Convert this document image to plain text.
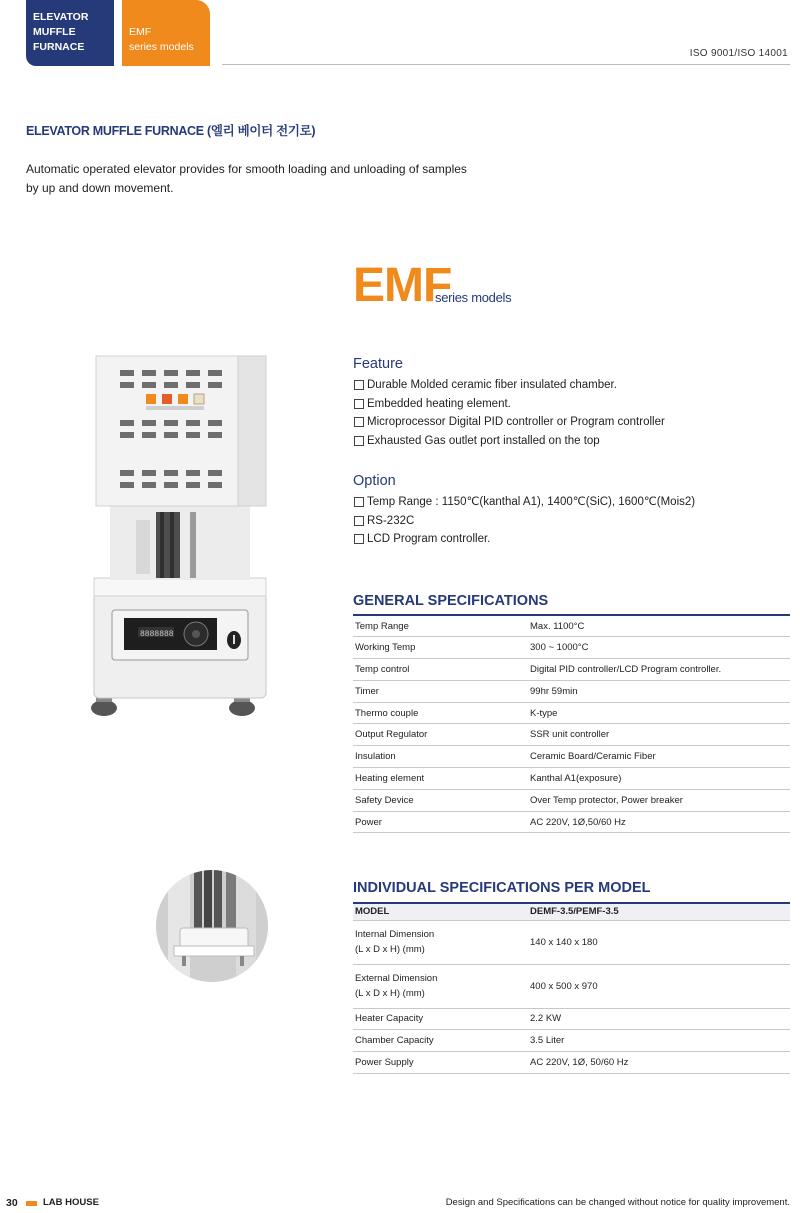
ELEVATOR
MUFFLE
FURNACE
EMF
series models
ISO 9001/ISO 14001
ELEVATOR MUFFLE FURNACE (엘리 베이터 전기로)
Automatic operated elevator provides for smooth loading and unloading of samples
by up and down movement.
EMF
series models
8888888
Feature
Durable Molded ceramic fiber insulated chamber.
Embedded heating element.
Microprocessor Digital PID controller or Program controller
Exhausted Gas outlet port installed on the top
Option
Temp Range : 1150℃(kanthal A1), 1400℃(SiC), 1600℃(Mois2)
RS-232C
LCD Program controller.
GENERAL SPECIFICATIONS
Temp Range	Max. 1100°C
Working Temp	300 ~ 1000°C
Temp control	Digital PID controller/LCD Program controller.
Timer	99hr 59min
Thermo couple	K-type
Output Regulator	SSR unit controller
Insulation	Ceramic Board/Ceramic Fiber
Heating element	Kanthal A1(exposure)
Safety Device	Over Temp protector, Power breaker
Power	AC 220V, 1Ø,50/60 Hz
INDIVIDUAL SPECIFICATIONS PER MODEL
MODEL	DEMF-3.5/PEMF-3.5

Internal Dimension
(L x D x H) (mm)	140 x 140 x 180

External Dimension
(L x D x H) (mm)	400 x 500 x 970
Heater Capacity	2.2 KW
Chamber Capacity	3.5 Liter
Power Supply	AC 220V, 1Ø, 50/60 Hz
30	LAB HOUSE	Design and Specifications can be changed without notice for quality improvement.
